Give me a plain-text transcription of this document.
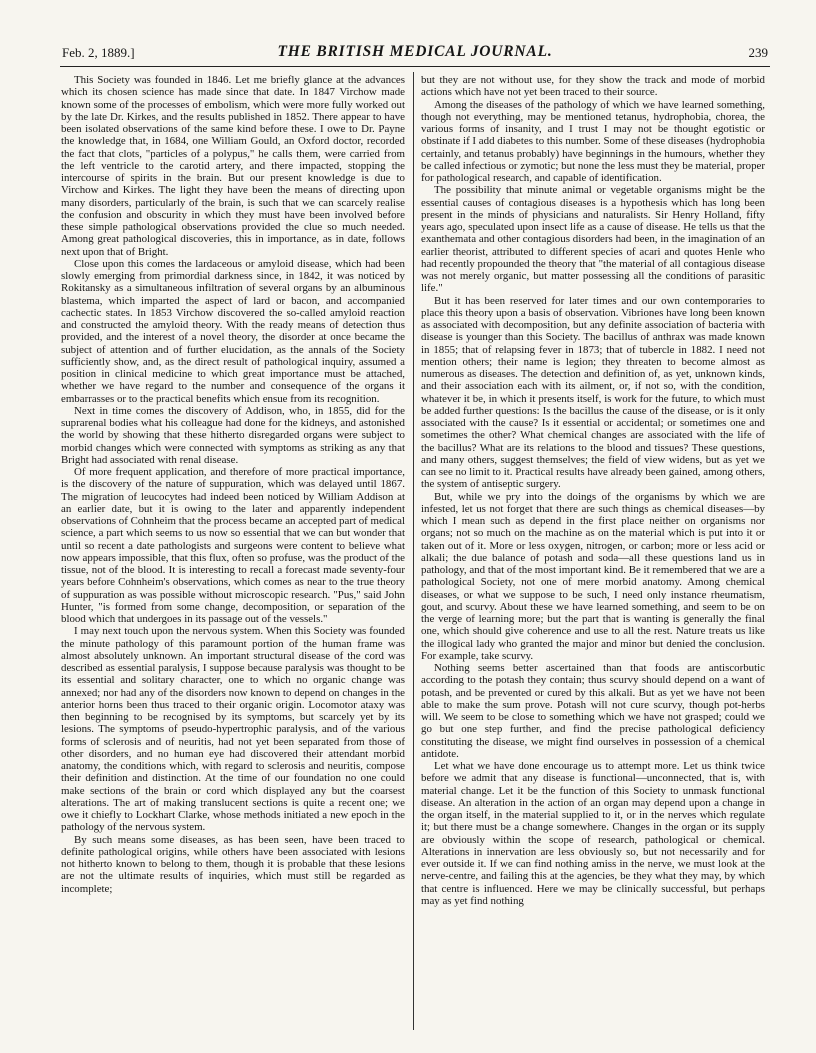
Feb. 2, 1889.]	THE BRITISH MEDICAL JOURNAL.	239

This Society was founded in 1846. Let me briefly glance at the advances which its chosen science has made since that date. In 1847 Virchow made known some of the processes of embolism, which were more fully worked out by the late Dr. Kirkes, and the results published in 1852. There appear to have been isolated observations of the same kind before these. I owe to Dr. Payne the knowledge that, in 1684, one William Gould, an Oxford doctor, recorded the fact that clots, "particles of a polypus," he calls them, were carried from the left ventricle to the carotid artery, and there impacted, stopping the intercourse of spirits in the brain. But our present knowledge is due to Virchow and Kirkes. The light they have been the means of directing upon many disorders, particularly of the brain, is such that we can scarcely realise the confusion and obscurity in which they must have been involved before these simple pathological observations provided the clue so much needed. Among great pathological discoveries, this in importance, as in date, follows next upon that of Bright.

Close upon this comes the lardaceous or amyloid disease, which had been slowly emerging from primordial darkness since, in 1842, it was noticed by Rokitansky as a simultaneous infiltration of several organs by an albuminous blastema, which imparted the aspect of lard or bacon, and accompanied cachectic states. In 1853 Virchow discovered the so-called amyloid reaction and constructed the amyloid theory. With the ready means of detection thus provided, and the interest of a novel theory, the disorder at once became the subject of attention and of further elucidation, as the annals of the Society sufficiently show, and, as the direct result of pathological inquiry, assumed a position in clinical medicine to which great importance must be attached, whether we have regard to the number and consequence of the organs it embarrasses or to the practical benefits which ensue from its recognition.

Next in time comes the discovery of Addison, who, in 1855, did for the suprarenal bodies what his colleague had done for the kidneys, and astonished the world by showing that these hitherto disregarded organs were subject to morbid changes which were connected with symptoms as striking as any that Bright had associated with renal disease.

Of more frequent application, and therefore of more practical importance, is the discovery of the nature of suppuration, which was delayed until 1867. The migration of leucocytes had indeed been noticed by William Addison at an earlier date, but it is owing to the later and apparently independent observations of Cohnheim that the process became an accepted part of medical science, a part which seems to us now so essential that we can but wonder that until so recent a date pathologists and surgeons were content to believe what now appears impossible, that this flux, often so profuse, was the product of the tissue, not of the blood. It is interesting to recall a forecast made seventy-four years before Cohnheim's observations, which comes as near to the true theory of suppuration as was possible without microscopic research. "Pus," said John Hunter, "is formed from some change, decomposition, or separation of the blood which that undergoes in its passage out of the vessels."

I may next touch upon the nervous system. When this Society was founded the minute pathology of this paramount portion of the human frame was almost absolutely unknown. An important structural disease of the cord was described as essential paralysis, I suppose because paralysis was thought to be its essential and solitary character, one to which no organic change was annexed; nor had any of the disorders now known to depend on changes in the anterior horns been thus traced to their organic origin. Locomotor ataxy was then beginning to be recognised by its symptoms, but scarcely yet by its lesions. The symptoms of pseudo-hypertrophic paralysis, and of the various forms of sclerosis and of neuritis, had not yet been separated from those of other disorders, and no human eye had discovered their attendant morbid anatomy, the conditions which, with regard to sclerosis and neuritis, compose their definition and distinction. At the time of our foundation no one could make sections of the brain or cord which displayed any but the coarsest alterations. The art of making translucent sections is quite a recent one; we owe it chiefly to Lockhart Clarke, whose methods initiated a new epoch in the pathology of the nervous system.

By such means some diseases, as has been seen, have been traced to definite pathological origins, while others have been associated with lesions not hitherto known to belong to them, though it is probable that these lesions are not the ultimate results of inquiries, which must still be regarded as incomplete;

but they are not without use, for they show the track and mode of morbid actions which have not yet been traced to their source.

Among the diseases of the pathology of which we have learned something, though not everything, may be mentioned tetanus, hydrophobia, chorea, the various forms of insanity, and I trust I may not be thought egotistic or obstinate if I add diabetes to this number. Some of these diseases (hydrophobia certainly, and tetanus probably) have beginnings in the humours, whether they be called infectious or zymotic; but none the less must they be material, proper for pathological research, and capable of identification.

The possibility that minute animal or vegetable organisms might be the essential causes of contagious diseases is a hypothesis which has long been present in the minds of physicians and naturalists. Sir Henry Holland, fifty years ago, speculated upon insect life as a cause of disease. He tells us that the exanthemata and other contagious disorders had been, in the imagination of an earlier theorist, attributed to different species of acari and quotes Henle who had recently propounded the theory that "the material of all contagious disease was not merely organic, but matter possessing all the conditions of parasitic life."

But it has been reserved for later times and our own contemporaries to place this theory upon a basis of observation. Vibriones have long been known as associated with decomposition, but any definite association of bacteria with disease is younger than this Society. The bacillus of anthrax was made known in 1855; that of relapsing fever in 1873; that of tubercle in 1882. I need not mention others; their name is legion; they threaten to become almost as numerous as diseases. The detection and definition of, as yet, unknown kinds, and their association each with its ailment, or, if not so, with the condition, whatever it be, in which it presents itself, is work for the future, to which must be added further questions: Is the bacillus the cause of the disease, or is it only associated with the cause? Is it essential or accidental; or sometimes one and sometimes the other? What chemical changes are associated with the life of the bacillus? What are its relations to the blood and tissues? These questions, and many others, suggest themselves; the field of view widens, but as yet we can see no limit to it. Practical results have already been gained, among others, the system of antiseptic surgery.

But, while we pry into the doings of the organisms by which we are infested, let us not forget that there are such things as chemical diseases—by which I mean such as depend in the first place neither on organisms nor organs; not so much on the machine as on the material which is put into it or taken out of it. More or less oxygen, nitrogen, or carbon; more or less acid or alkali; the due balance of potash and soda—all these questions land us in pathology, and that of the most important kind. Be it remembered that we are a pathological Society, not one of mere morbid anatomy. Among chemical diseases, or what we suppose to be such, I need only instance rheumatism, gout, and scurvy. About these we have learned something, and seem to be on the verge of learning more; but the part that is wanting is generally the final one, which should give coherence and use to all the rest. Nature treats us like the illogical lady who granted the major and minor but denied the conclusion. For example, take scurvy.

Nothing seems better ascertained than that foods are antiscorbutic according to the potash they contain; thus scurvy should depend on a want of potash, and be prevented or cured by this alkali. But as yet we have not been able to make the sum prove. Potash will not cure scurvy, though pot-herbs will. We seem to be close to something which we have not grasped; could we go but one step further, and find the precise pathological deficiency constituting the disease, we might find ourselves in possession of a chemical antidote.

Let what we have done encourage us to attempt more. Let us think twice before we admit that any disease is functional—unconnected, that is, with material change. Let it be the function of this Society to unmask functional disease. An alteration in the action of an organ may depend upon a change in the organ itself, in the material supplied to it, or in the nerves which regulate it; but there must be a change somewhere. Changes in the organ or its supply are obviously within the scope of research, pathological or chemical. Alterations in innervation are less obviously so, but not necessarily and for ever outside it. If we can find nothing amiss in the nerve, we must look at the nerve-centre, and failing this at the agencies, be they what they may, by which that centre is influenced. Here we may be clinically successful, but perhaps may as yet find nothing
